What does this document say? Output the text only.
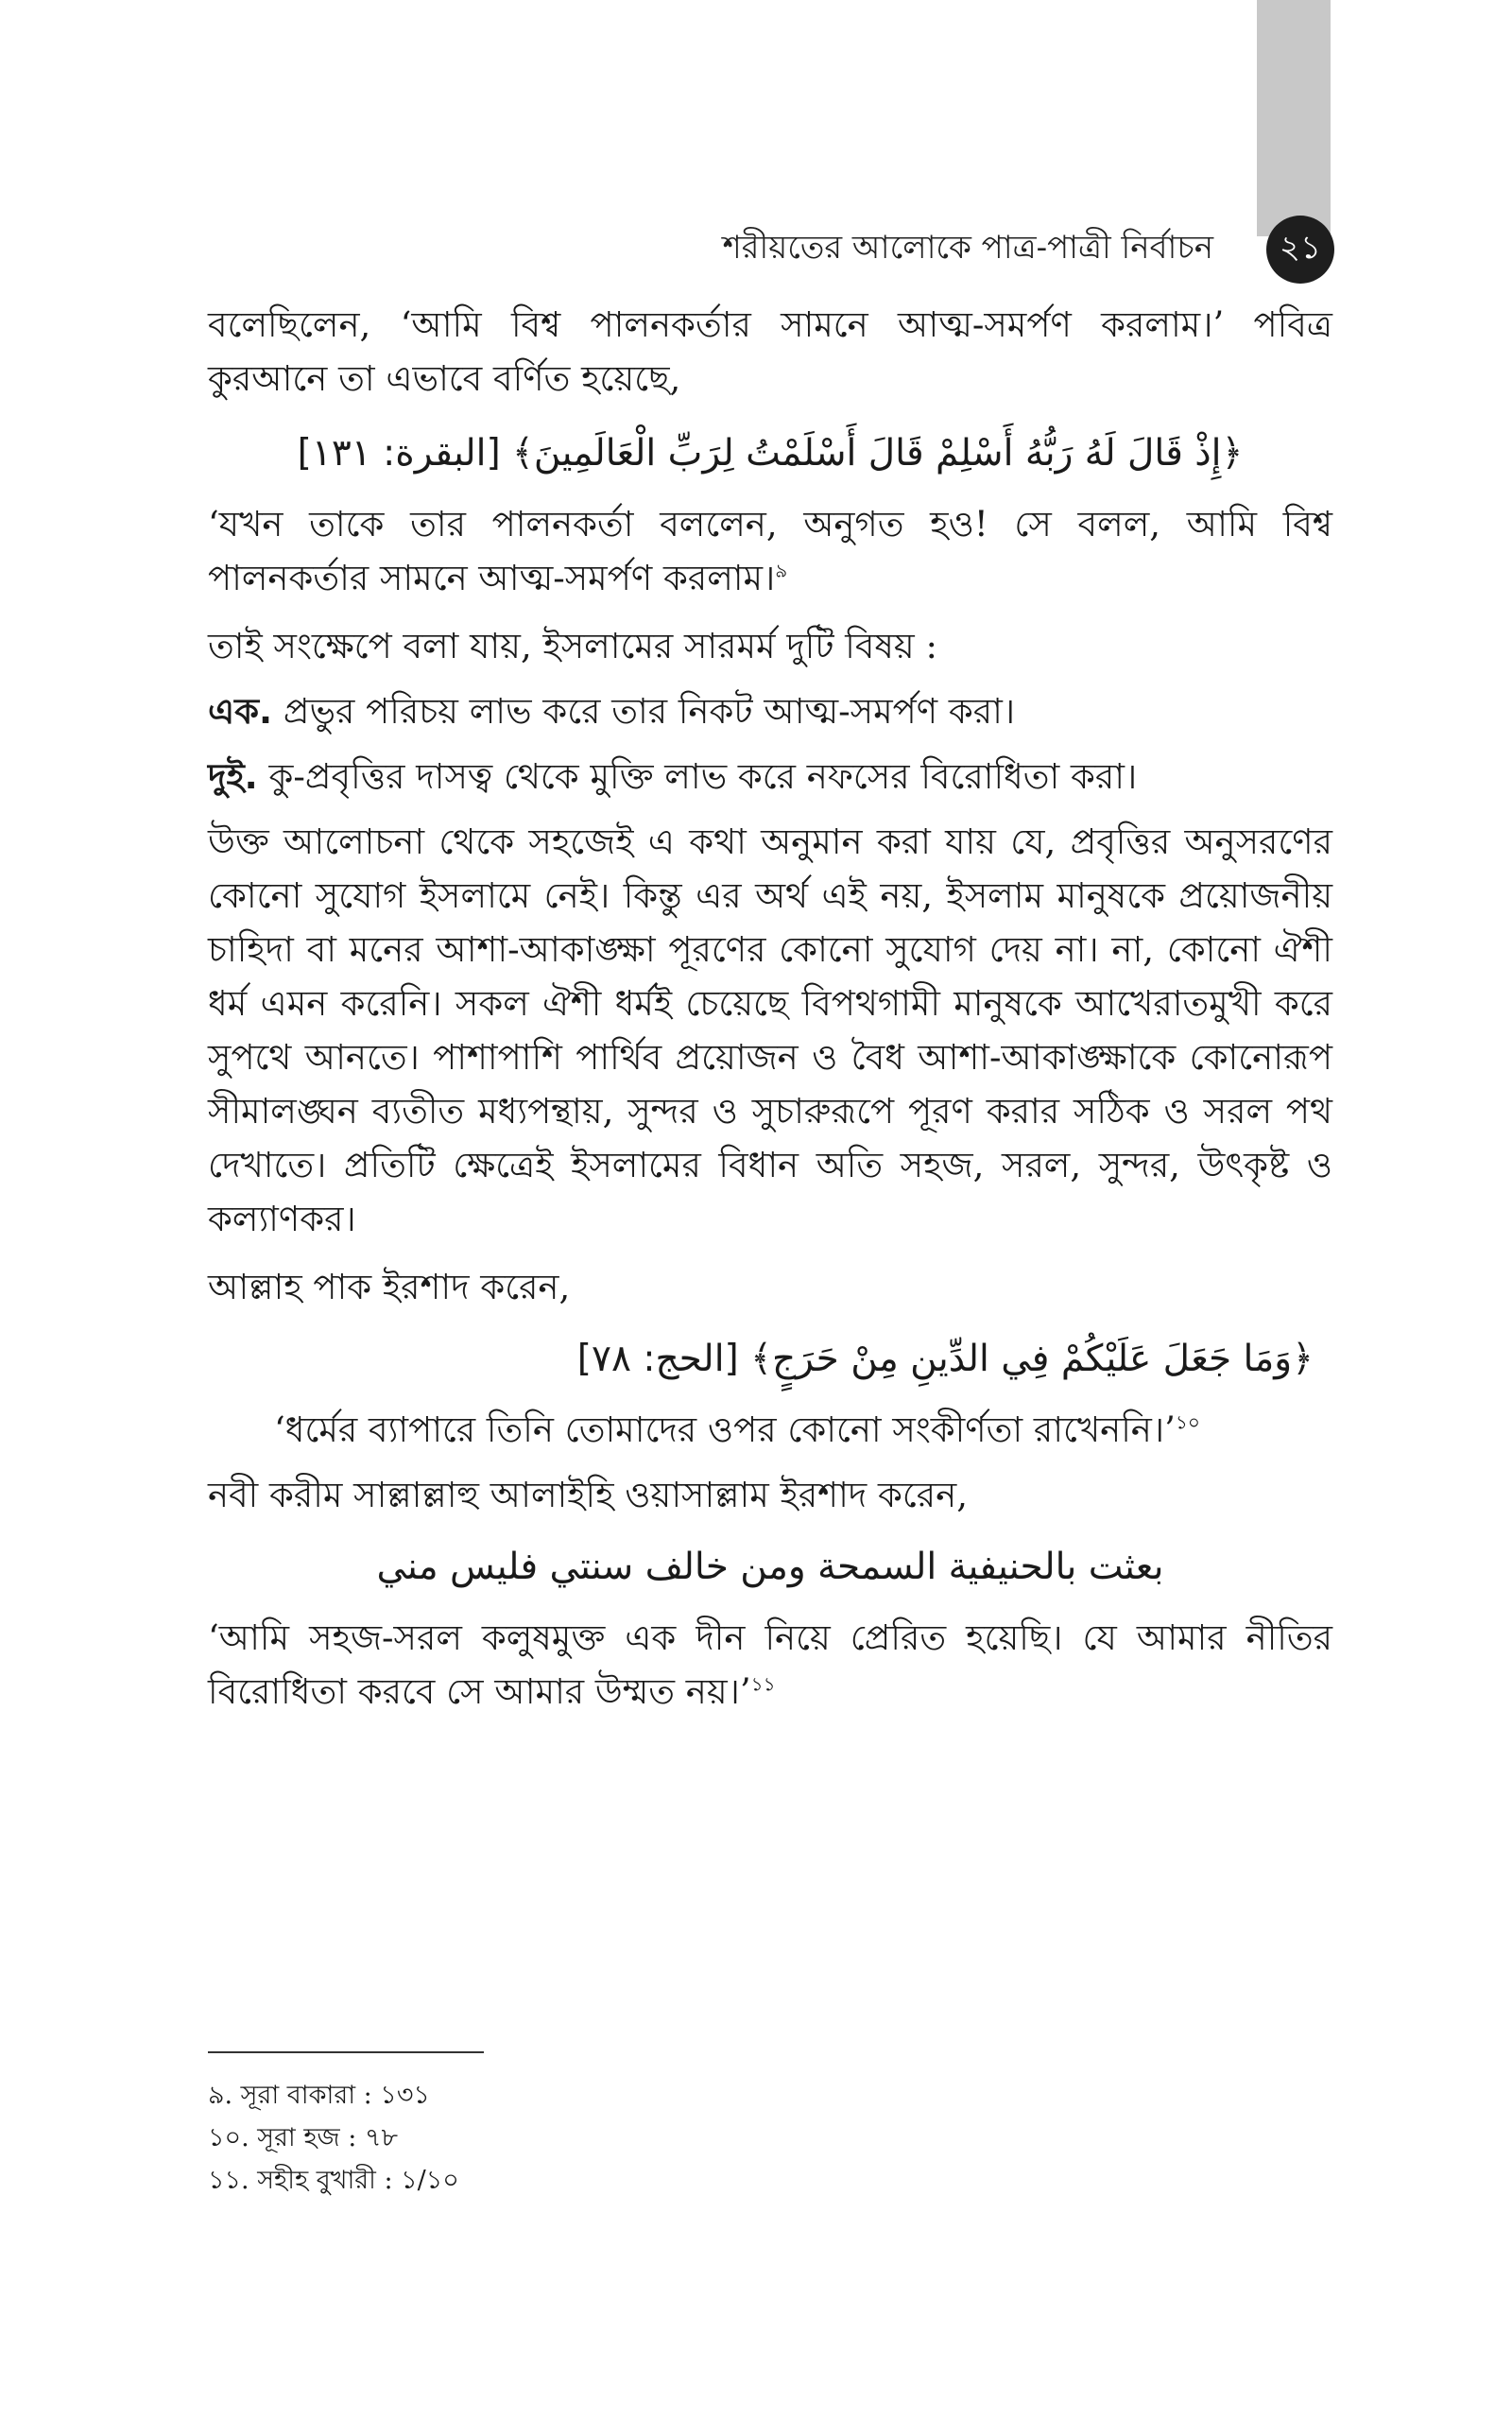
শরীয়তের আলোকে পাত্র-পাত্রী নির্বাচন	২১

বলেছিলেন, ‘আমি বিশ্ব পালনকর্তার সামনে আত্ম-সমর্পণ করলাম।’ পবিত্র কুরআনে তা এভাবে বর্ণিত হয়েছে,

﴿إِذْ قَالَ لَهُ رَبُّهُ أَسْلِمْ قَالَ أَسْلَمْتُ لِرَبِّ الْعَالَمِينَ﴾ [البقرة: ١٣١]

‘যখন তাকে তার পালনকর্তা বললেন, অনুগত হও! সে বলল, আমি বিশ্ব পালনকর্তার সামনে আত্ম-সমর্পণ করলাম।$^৯$

তাই সংক্ষেপে বলা যায়, ইসলামের সারমর্ম দুটি বিষয় :

এক. প্রভুর পরিচয় লাভ করে তার নিকট আত্ম-সমর্পণ করা।

দুই. কু-প্রবৃত্তির দাসত্ব থেকে মুক্তি লাভ করে নফসের বিরোধিতা করা।

উক্ত আলোচনা থেকে সহজেই এ কথা অনুমান করা যায় যে, প্রবৃত্তির অনুসরণের কোনো সুযোগ ইসলামে নেই। কিন্তু এর অর্থ এই নয়, ইসলাম মানুষকে প্রয়োজনীয় চাহিদা বা মনের আশা-আকাঙ্ক্ষা পূরণের কোনো সুযোগ দেয় না। না, কোনো ঐশী ধর্ম এমন করেনি। সকল ঐশী ধর্মই চেয়েছে বিপথগামী মানুষকে আখেরাতমুখী করে সুপথে আনতে। পাশাপাশি পার্থিব প্রয়োজন ও বৈধ আশা-আকাঙ্ক্ষাকে কোনোরূপ সীমালঙ্ঘন ব্যতীত মধ্যপন্থায়, সুন্দর ও সুচারুরূপে পূরণ করার সঠিক ও সরল পথ দেখাতে। প্রতিটি ক্ষেত্রেই ইসলামের বিধান অতি সহজ, সরল, সুন্দর, উৎকৃষ্ট ও কল্যাণকর।

আল্লাহ পাক ইরশাদ করেন,

﴿وَمَا جَعَلَ عَلَيْكُمْ فِي الدِّينِ مِنْ حَرَجٍ﴾ [الحج: ٧٨]

‘ধর্মের ব্যাপারে তিনি তোমাদের ওপর কোনো সংকীর্ণতা রাখেননি।’$^{১০}$

নবী করীম সাল্লাল্লাহু আলাইহি ওয়াসাল্লাম ইরশাদ করেন,

بعثت بالحنيفية السمحة ومن خالف سنتي فليس مني

‘আমি সহজ-সরল কলুষমুক্ত এক দীন নিয়ে প্রেরিত হয়েছি। যে আমার নীতির বিরোধিতা করবে সে আমার উম্মত নয়।’$^{১১}$

৯. সূরা বাকারা : ১৩১
১০. সূরা হজ : ৭৮
১১. সহীহ বুখারী : ১/১০
